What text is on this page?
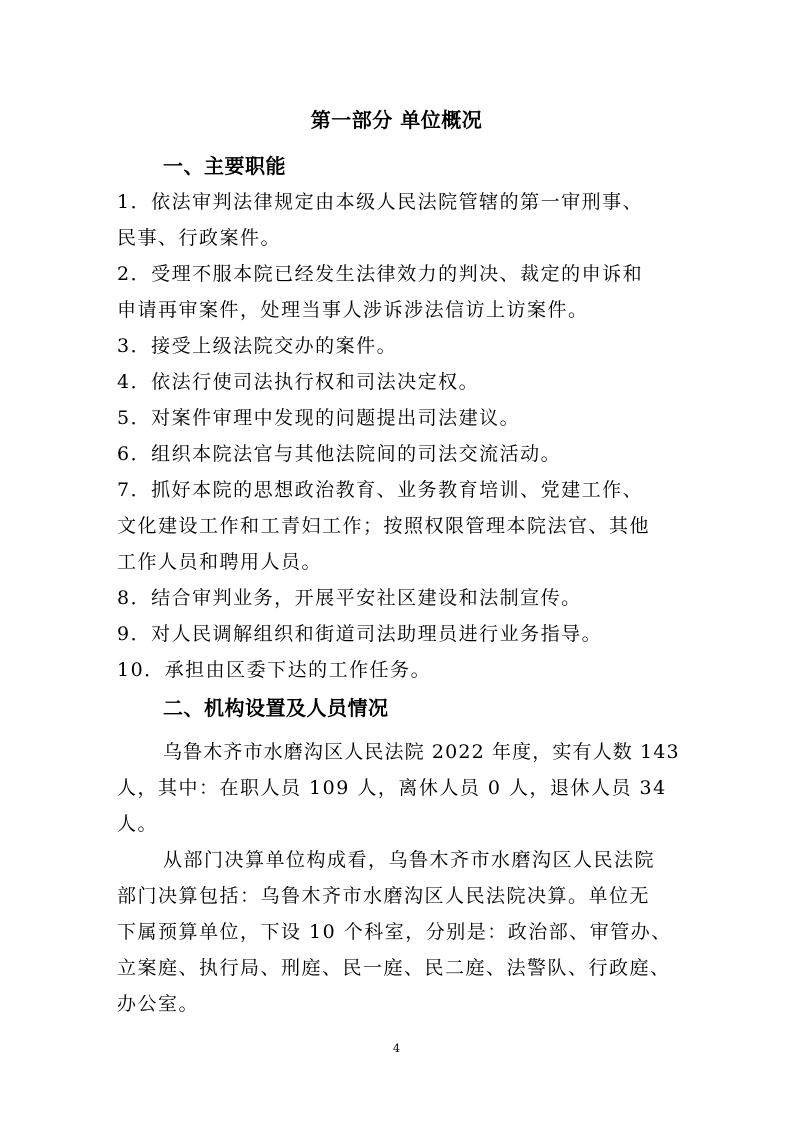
第一部分 单位概况
一、主要职能
1．依法审判法律规定由本级人民法院管辖的第一审刑事、
民事、行政案件。
2．受理不服本院已经发生法律效力的判决、裁定的申诉和
申请再审案件，处理当事人涉诉涉法信访上访案件。
3．接受上级法院交办的案件。
4．依法行使司法执行权和司法决定权。
5．对案件审理中发现的问题提出司法建议。
6．组织本院法官与其他法院间的司法交流活动。
7．抓好本院的思想政治教育、业务教育培训、党建工作、
文化建设工作和工青妇工作；按照权限管理本院法官、其他
工作人员和聘用人员。
8．结合审判业务，开展平安社区建设和法制宣传。
9．对人民调解组织和街道司法助理员进行业务指导。
10．承担由区委下达的工作任务。
二、机构设置及人员情况
乌鲁木齐市水磨沟区人民法院 2022 年度，实有人数 143
人，其中：在职人员 109 人，离休人员 0 人，退休人员 34
人。
从部门决算单位构成看，乌鲁木齐市水磨沟区人民法院
部门决算包括：乌鲁木齐市水磨沟区人民法院决算。单位无
下属预算单位，下设 10 个科室，分别是：政治部、审管办、
立案庭、执行局、刑庭、民一庭、民二庭、法警队、行政庭、
办公室。
4
